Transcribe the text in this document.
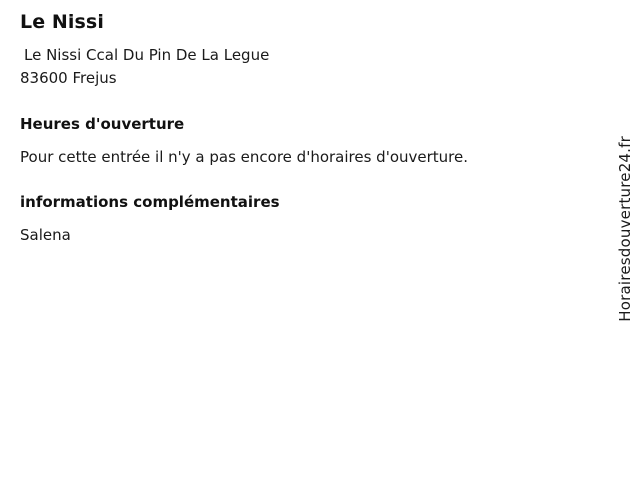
Le Nissi

Le Nissi Ccal Du Pin De La Legue

83600 Frejus

Heures d'ouverture

Pour cette entrée il n'y a pas encore d'horaires d'ouverture.

informations complémentaires

Salena	Horairesdouverture24.fr
